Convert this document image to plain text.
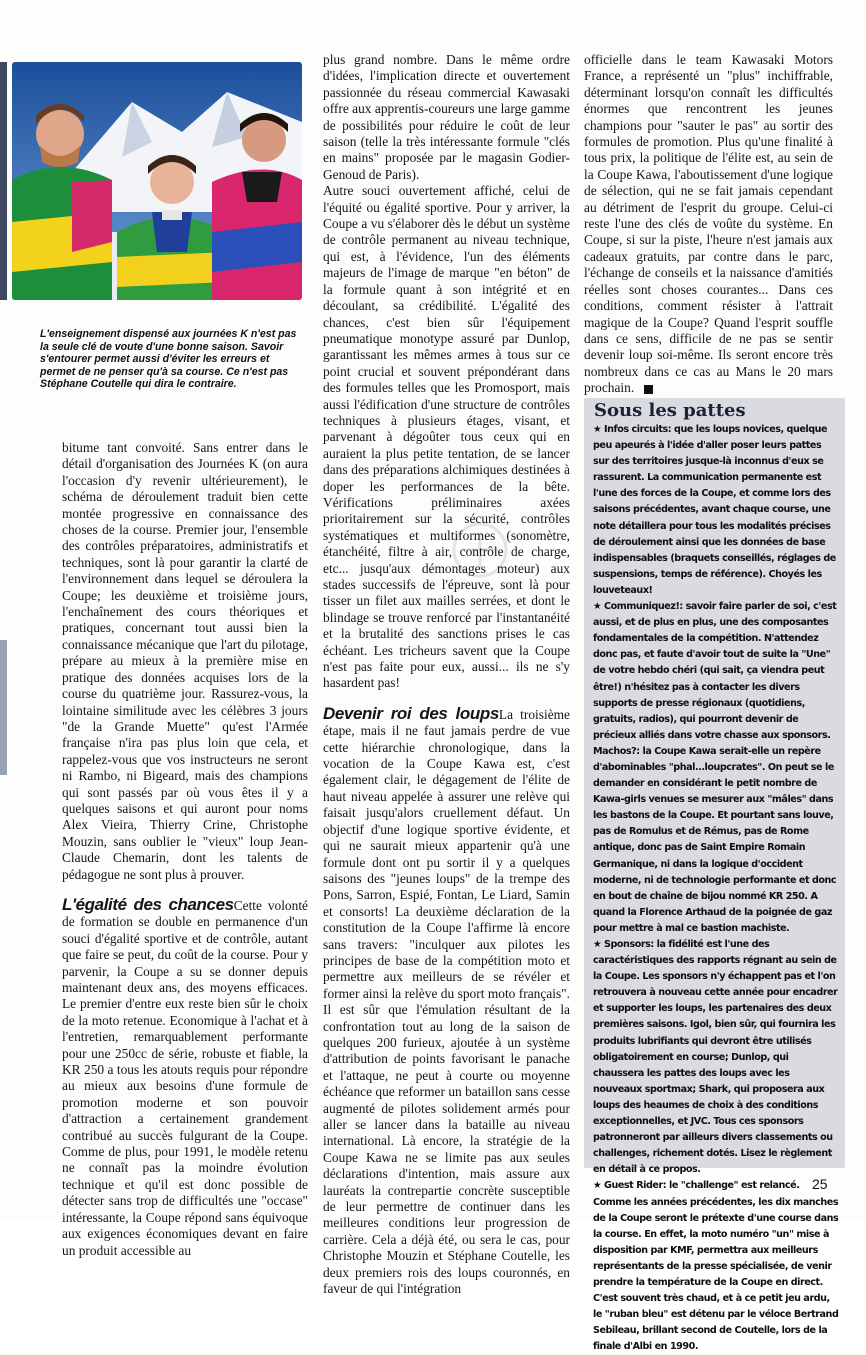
L'enseignement dispensé aux journées K n'est pas la seule clé de voute d'une bonne saison. Savoir s'entourer permet aussi d'éviter les erreurs et permet de ne penser qu'à sa course. Ce n'est pas Stéphane Coutelle qui dira le contraire.

bitume tant convoité. Sans entrer dans le détail d'organisation des Journées K (on aura l'occasion d'y revenir ultérieurement), le schéma de déroulement traduit bien cette montée progressive en connaissance des choses de la course. Premier jour, l'ensemble des contrôles préparatoires, administratifs et techniques, sont là pour garantir la clarté de l'environnement dans lequel se déroulera la Coupe; les deuxième et troisième jours, l'enchaînement des cours théoriques et pratiques, concernant tout aussi bien la connaissance mécanique que l'art du pilotage, prépare au mieux à la première mise en pratique des données acquises lors de la course du quatrième jour. Rassurez-vous, la lointaine similitude avec les célèbres 3 jours "de la Grande Muette" qu'est l'Armée française n'ira pas plus loin que cela, et rappelez-vous que vos instructeurs ne seront ni Rambo, ni Bigeard, mais des champions qui sont passés par où vous êtes il y a quelques saisons et qui auront pour noms Alex Vieira, Thierry Crine, Christophe Mouzin, sans oublier le "vieux" loup Jean-Claude Chemarin, dont les talents de pédagogue ne sont plus à prouver.

L'égalité des chancesCette volonté de formation se double en permanence d'un souci d'égalité sportive et de contrôle, autant que faire se peut, du coût de la course. Pour y parvenir, la Coupe a su se donner depuis maintenant deux ans, des moyens efficaces. Le premier d'entre eux reste bien sûr le choix de la moto retenue. Economique à l'achat et à l'entretien, remarquablement performante pour une 250cc de série, robuste et fiable, la KR 250 a tous les atouts requis pour répondre au mieux aux besoins d'une formule de promotion moderne et son pouvoir d'attraction a certainement grandement contribué au succès fulgurant de la Coupe. Comme de plus, pour 1991, le modèle retenu ne connaît pas la moindre évolution technique et qu'il est donc possible de détecter sans trop de difficultés une "occase" intéressante, la Coupe répond sans équivoque aux exigences économiques devant en faire un produit accessible au

plus grand nombre. Dans le même ordre d'idées, l'implication directe et ouvertement passionnée du réseau commercial Kawasaki offre aux apprentis-coureurs une large gamme de possibilités pour réduire le coût de leur saison (telle la très intéressante formule "clés en mains" proposée par le magasin Godier-Genoud de Paris).

Autre souci ouvertement affiché, celui de l'équité ou égalité sportive. Pour y arriver, la Coupe a vu s'élaborer dès le début un système de contrôle permanent au niveau technique, qui est, à l'évidence, l'un des éléments majeurs de l'image de marque "en béton" de la formule quant à son intégrité et en découlant, sa crédibilité. L'égalité des chances, c'est bien sûr l'équipement pneumatique monotype assuré par Dunlop, garantissant les mêmes armes à tous sur ce point crucial et souvent prépondérant dans des formules telles que les Promosport, mais aussi l'édification d'une structure de contrôles techniques à plusieurs étages, visant, et parvenant à dégoûter tous ceux qui en auraient la plus petite tentation, de se lancer dans des préparations alchimiques destinées à doper les performances de la bête. Vérifications préliminaires axées prioritairement sur la sécurité, contrôles systématiques et multiformes (sonomètre, étanchéité, filtre à air, contrôle de charge, etc... jusqu'aux démontages moteur) aux stades successifs de l'épreuve, sont là pour tisser un filet aux mailles serrées, et dont le blindage se trouve renforcé par l'instantanéité et la brutalité des sanctions prises le cas échéant. Les tricheurs savent que la Coupe n'est pas faite pour eux, aussi... ils ne s'y hasardent pas!

Devenir roi des loupsLa troisième étape, mais il ne faut jamais perdre de vue cette hiérarchie chronologique, dans la vocation de la Coupe Kawa est, c'est également clair, le dégagement de l'élite de haut niveau appelée à assurer une relève qui faisait jusqu'alors cruellement défaut. Un objectif d'une logique sportive évidente, et qui ne saurait mieux appartenir qu'à une formule dont ont pu sortir il y a quelques saisons des "jeunes loups" de la trempe des Pons, Sarron, Espié, Fontan, Le Liard, Samin et consorts! La deuxième déclaration de la constitution de la Coupe l'affirme là encore sans travers: "inculquer aux pilotes les principes de base de la compétition moto et permettre aux meilleurs de se révéler et former ainsi la relève du sport moto français". Il est sûr que l'émulation résultant de la confrontation tout au long de la saison de quelques 200 furieux, ajoutée à un système d'attribution de points favorisant le panache et l'attaque, ne peut à courte ou moyenne échéance que reformer un bataillon sans cesse augmenté de pilotes solidement armés pour aller se lancer dans la bataille au niveau international. Là encore, la stratégie de la Coupe Kawa ne se limite pas aux seules déclarations d'intention, mais assure aux lauréats la contrepartie concrète susceptible de leur permettre de continuer dans les meilleures conditions leur progression de carrière. Cela a déjà été, ou sera le cas, pour Christophe Mouzin et Stéphane Coutelle, les deux premiers rois des loups couronnés, en faveur de qui l'intégration

officielle dans le team Kawasaki Motors France, a représenté un "plus" inchiffrable, déterminant lorsqu'on connaît les difficultés énormes que rencontrent les jeunes champions pour "sauter le pas" au sortir des formules de promotion. Plus qu'une finalité à tous prix, la politique de l'élite est, au sein de la Coupe Kawa, l'aboutissement d'une logique de sélection, qui ne se fait jamais cependant au détriment de l'esprit du groupe. Celui-ci reste l'une des clés de voûte du système. En Coupe, si sur la piste, l'heure n'est jamais aux cadeaux gratuits, par contre dans le parc, l'échange de conseils et la naissance d'amitiés réelles sont choses courantes... Dans ces conditions, comment résister à l'attrait magique de la Coupe? Quand l'esprit souffle dans ce sens, difficile de ne pas se sentir devenir loup soi-même. Ils seront encore très nombreux dans ce cas au Mans le 20 mars prochain.

Sous les pattes

★ Infos circuits: que les loups novices, quelque peu apeurés à l'idée d'aller poser leurs pattes sur des territoires jusque-là inconnus d'eux se rassurent. La communication permanente est l'une des forces de la Coupe, et comme lors des saisons précédentes, avant chaque course, une note détaillera pour tous les modalités précises de déroulement ainsi que les données de base indispensables (braquets conseillés, réglages de suspensions, temps de référence). Choyés les louveteaux!

★ Communiquez!: savoir faire parler de soi, c'est aussi, et de plus en plus, une des composantes fondamentales de la compétition. N'attendez donc pas, et faute d'avoir tout de suite la "Une" de votre hebdo chéri (qui sait, ça viendra peut être!) n'hésitez pas à contacter les divers supports de presse régionaux (quotidiens, gratuits, radios), qui pourront devenir de précieux alliés dans votre chasse aux sponsors.

Machos?: la Coupe Kawa serait-elle un repère d'abominables "phal...loupcrates". On peut se le demander en considérant le petit nombre de Kawa-girls venues se mesurer aux "mâles" dans les bastons de la Coupe. Et pourtant sans louve, pas de Romulus et de Rémus, pas de Rome antique, donc pas de Saint Empire Romain Germanique, ni dans la logique d'occident moderne, ni de technologie performante et donc en bout de chaîne de bijou nommé KR 250. A quand la Florence Arthaud de la poignée de gaz pour mettre à mal ce bastion machiste.

★ Sponsors: la fidélité est l'une des caractéristiques des rapports régnant au sein de la Coupe. Les sponsors n'y échappent pas et l'on retrouvera à nouveau cette année pour encadrer et supporter les loups, les partenaires des deux premières saisons. Igol, bien sûr, qui fournira les produits lubrifiants qui devront être utilisés obligatoirement en course; Dunlop, qui chaussera les pattes des loups avec les nouveaux sportmax; Shark, qui proposera aux loups des heaumes de choix à des conditions exceptionnelles, et JVC. Tous ces sponsors patronneront par ailleurs divers classements ou challenges, richement dotés. Lisez le règlement en détail à ce propos.

★ Guest Rider: le "challenge" est relancé. Comme les années précédentes, les dix manches de la Coupe seront le prétexte d'une course dans la course. En effet, la moto numéro "un" mise à disposition par KMF, permettra aux meilleurs représentants de la presse spécialisée, de venir prendre la température de la Coupe en direct. C'est souvent très chaud, et à ce petit jeu ardu, le "ruban bleu" est détenu par le véloce Bertrand Sebileau, brillant second de Coutelle, lors de la finale d'Albi en 1990.

25
